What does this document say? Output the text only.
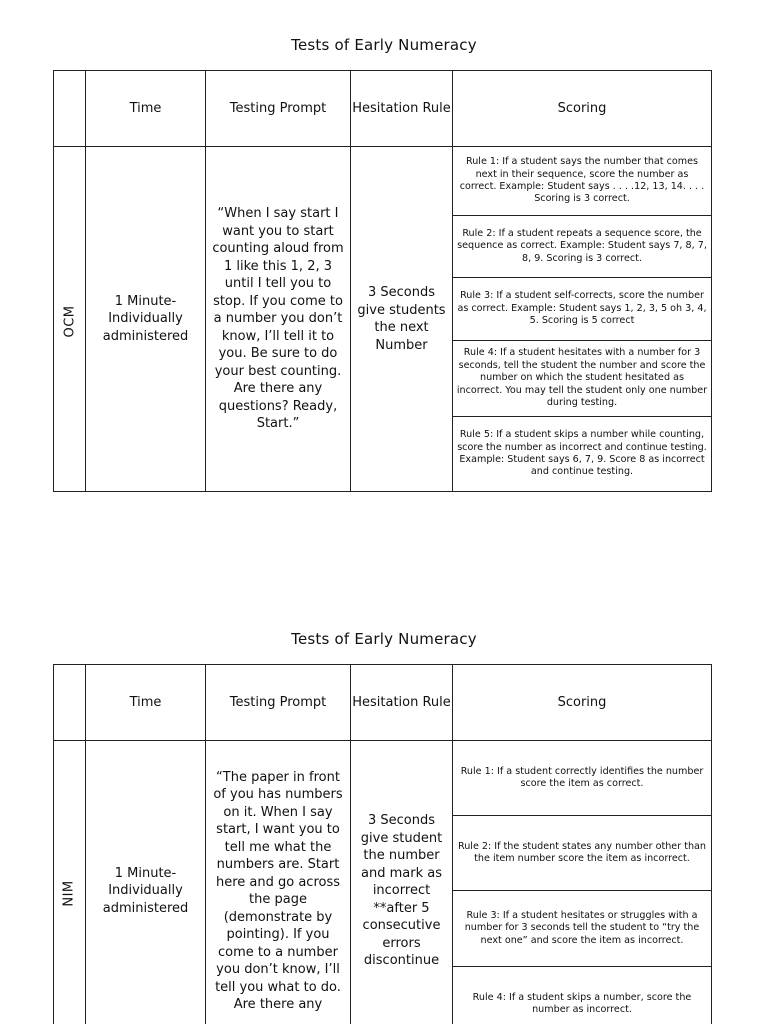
Tests of Early Numeracy
	Time	Testing Prompt	Hesitation Rule	Scoring
OCM	1 Minute-Individually administered	“When I say start I want you to start counting aloud from 1 like this 1, 2, 3 until I tell you to stop. If you come to a number you don’t know, I’ll tell it to you. Be sure to do your best counting. Are there any questions? Ready, Start.”	3 Seconds give students the next Number	Rule 1: If a student says the number that comes next in their sequence, score the number as correct. Example: Student says . . . .12, 13, 14. . . . Scoring is 3 correct.
				Rule 2: If a student repeats a sequence score, the sequence as correct. Example: Student says 7, 8, 7, 8, 9. Scoring is 3 correct.
				Rule 3: If a student self-corrects, score the number as correct. Example: Student says 1, 2, 3, 5 oh 3, 4, 5. Scoring is 5 correct
				Rule 4: If a student hesitates with a number for 3 seconds, tell the student the number and score the number on which the student hesitated as incorrect. You may tell the student only one number during testing.
				Rule 5: If a student skips a number while counting, score the number as incorrect and continue testing. Example: Student says 6, 7, 9. Score 8 as incorrect and continue testing.
Tests of Early Numeracy
	Time	Testing Prompt	Hesitation Rule	Scoring
NIM	1 Minute-Individually administered	“The paper in front of you has numbers on it. When I say start, I want you to tell me what the numbers are. Start here and go across the page (demonstrate by pointing). If you come to a number you don’t know, I’ll tell you what to do. Are there any	3 Seconds give student the number and mark as incorrect **after 5 consecutive errors discontinue	Rule 1: If a student correctly identifies the number score the item as correct.
				Rule 2: If the student states any number other than the item number score the item as incorrect.
				Rule 3: If a student hesitates or struggles with a number for 3 seconds tell the student to “try the next one” and score the item as incorrect.
				Rule 4: If a student skips a number, score the number as incorrect.
